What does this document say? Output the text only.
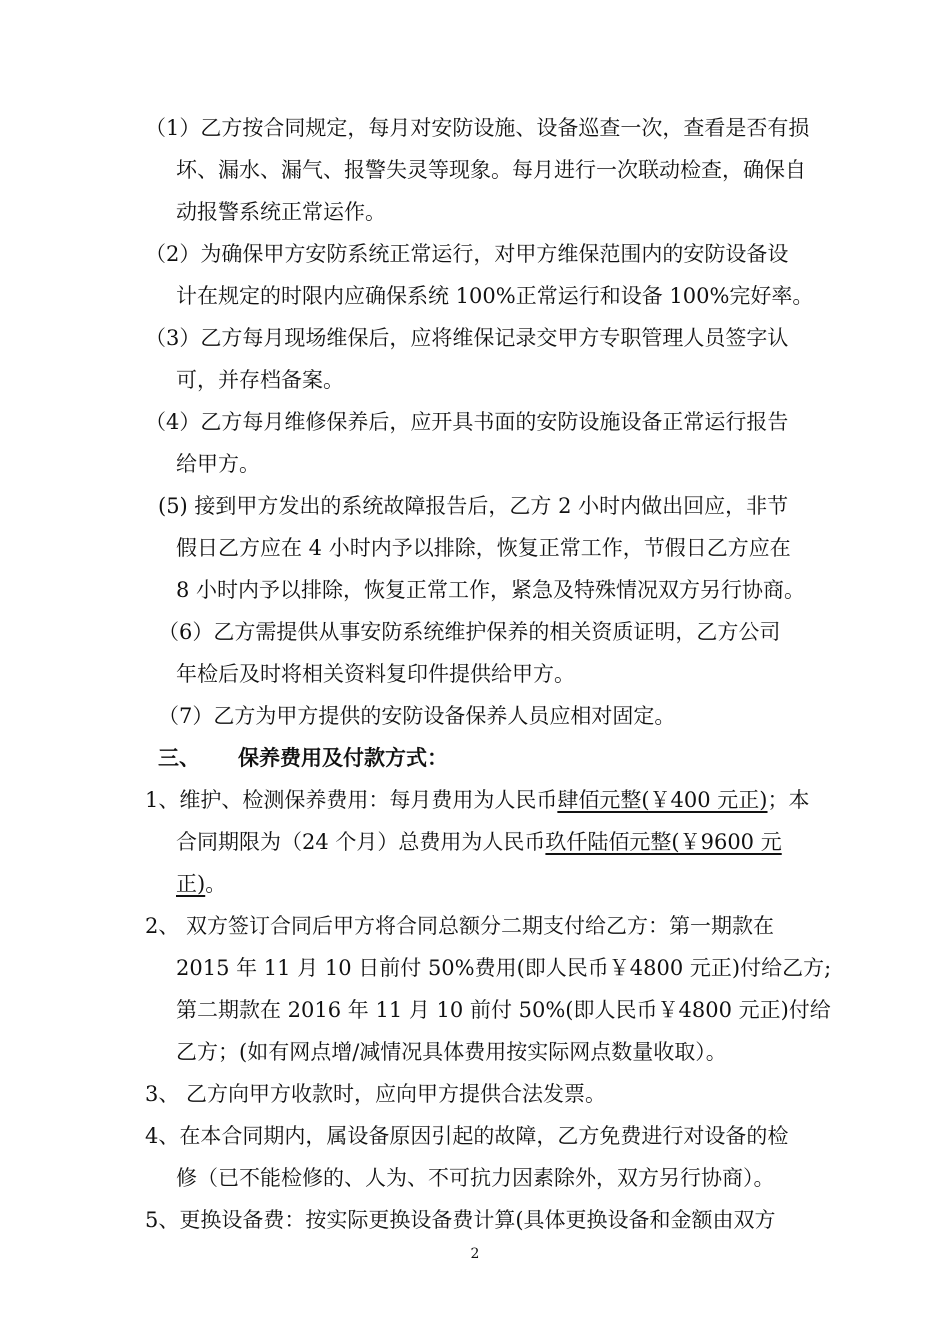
（1）乙方按合同规定，每月对安防设施、设备巡查一次，查看是否有损

坏、漏水、漏气、报警失灵等现象。每月进行一次联动检查，确保自

动报警系统正常运作。

（2）为确保甲方安防系统正常运行，对甲方维保范围内的安防设备设

计在规定的时限内应确保系统 100%正常运行和设备 100%完好率。

（3）乙方每月现场维保后，应将维保记录交甲方专职管理人员签字认

可，并存档备案。

（4）乙方每月维修保养后，应开具书面的安防设施设备正常运行报告

给甲方。

(5) 接到甲方发出的系统故障报告后，乙方 2 小时内做出回应，非节

假日乙方应在 4 小时内予以排除，恢复正常工作，节假日乙方应在

8 小时内予以排除，恢复正常工作，紧急及特殊情况双方另行协商。

（6）乙方需提供从事安防系统维护保养的相关资质证明，乙方公司

年检后及时将相关资料复印件提供给甲方。

（7）乙方为甲方提供的安防设备保养人员应相对固定。

三、 保养费用及付款方式：

1、维护、检测保养费用：每月费用为人民币肆佰元整(￥400 元正)；本

合同期限为（24 个月）总费用为人民币玖仟陆佰元整(￥9600 元

正)。

2、 双方签订合同后甲方将合同总额分二期支付给乙方：第一期款在

2015 年 11 月 10 日前付 50%费用(即人民币￥4800 元正)付给乙方;

第二期款在 2016 年 11 月 10 前付 50%(即人民币￥4800 元正)付给

乙方；(如有网点增/减情况具体费用按实际网点数量收取）。

3、 乙方向甲方收款时，应向甲方提供合法发票。

4、在本合同期内，属设备原因引起的故障，乙方免费进行对设备的检

修（已不能检修的、人为、不可抗力因素除外，双方另行协商）。

5、更换设备费：按实际更换设备费计算(具体更换设备和金额由双方

2
